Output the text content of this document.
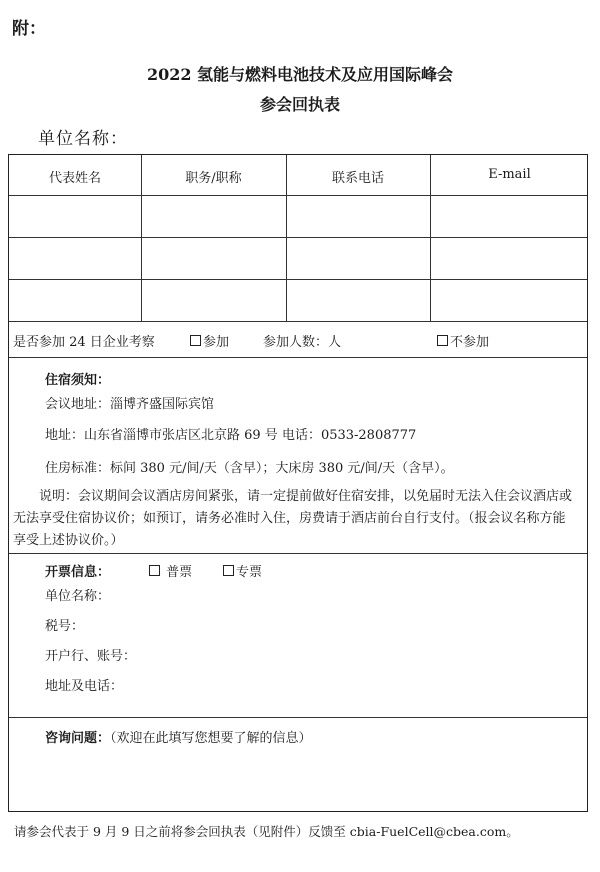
附：
2022 氢能与燃料电池技术及应用国际峰会
参会回执表
单位名称：
代表姓名	职务/职称	联系电话	E-mail
是否参加 24 日企业考察	参加	参加人数：人	不参加
住宿须知：
会议地址：淄博齐盛国际宾馆
地址：山东省淄博市张店区北京路 69 号 电话：0533-2808777
住房标准：标间 380 元/间/天（含早）；大床房 380 元/间/天（含早）。
说明：会议期间会议酒店房间紧张，请一定提前做好住宿安排，以免届时无法入住会议酒店或
无法享受住宿协议价；如预订，请务必准时入住，房费请于酒店前台自行支付。（报会议名称方能
享受上述协议价。）
开票信息：	普票	专票
单位名称：
税号：
开户行、账号：
地址及电话：
咨询问题：（欢迎在此填写您想要了解的信息）
请参会代表于 9 月 9 日之前将参会回执表（见附件）反馈至 cbia-FuelCell@cbea.com。
